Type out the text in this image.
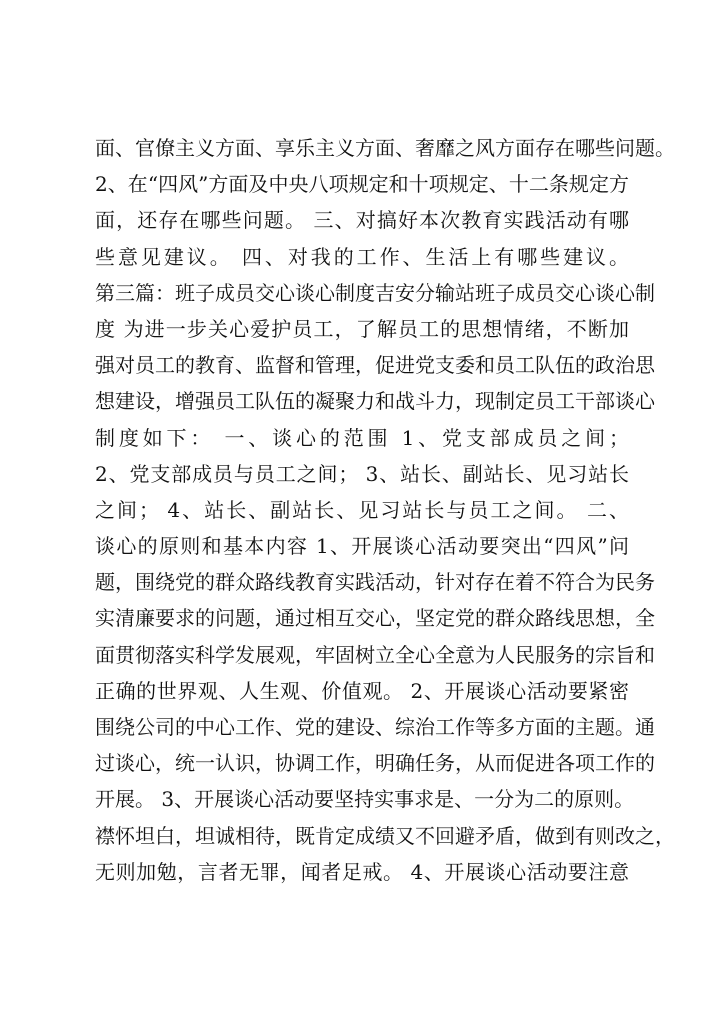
面、官僚主义方面、享乐主义方面、奢靡之风方面存在哪些问题。
2、在“四风”方面及中央八项规定和十项规定、十二条规定方
面，还存在哪些问题。 三、对搞好本次教育实践活动有哪
些意见建议。 四、对我的工作、生活上有哪些建议。
第三篇：班子成员交心谈心制度吉安分输站班子成员交心谈心制
度 为进一步关心爱护员工，了解员工的思想情绪，不断加
强对员工的教育、监督和管理，促进党支委和员工队伍的政治思
想建设，增强员工队伍的凝聚力和战斗力，现制定员工干部谈心
制度如下： 一、谈心的范围 1、党支部成员之间；
2、党支部成员与员工之间； 3、站长、副站长、见习站长
之间； 4、站长、副站长、见习站长与员工之间。 二、
谈心的原则和基本内容 1、开展谈心活动要突出“四风”问
题，围绕党的群众路线教育实践活动，针对存在着不符合为民务
实清廉要求的问题，通过相互交心，坚定党的群众路线思想，全
面贯彻落实科学发展观，牢固树立全心全意为人民服务的宗旨和
正确的世界观、人生观、价值观。 2、开展谈心活动要紧密
围绕公司的中心工作、党的建设、综治工作等多方面的主题。通
过谈心，统一认识，协调工作，明确任务，从而促进各项工作的
开展。 3、开展谈心活动要坚持实事求是、一分为二的原则。
襟怀坦白，坦诚相待，既肯定成绩又不回避矛盾，做到有则改之，
无则加勉，言者无罪，闻者足戒。 4、开展谈心活动要注意
